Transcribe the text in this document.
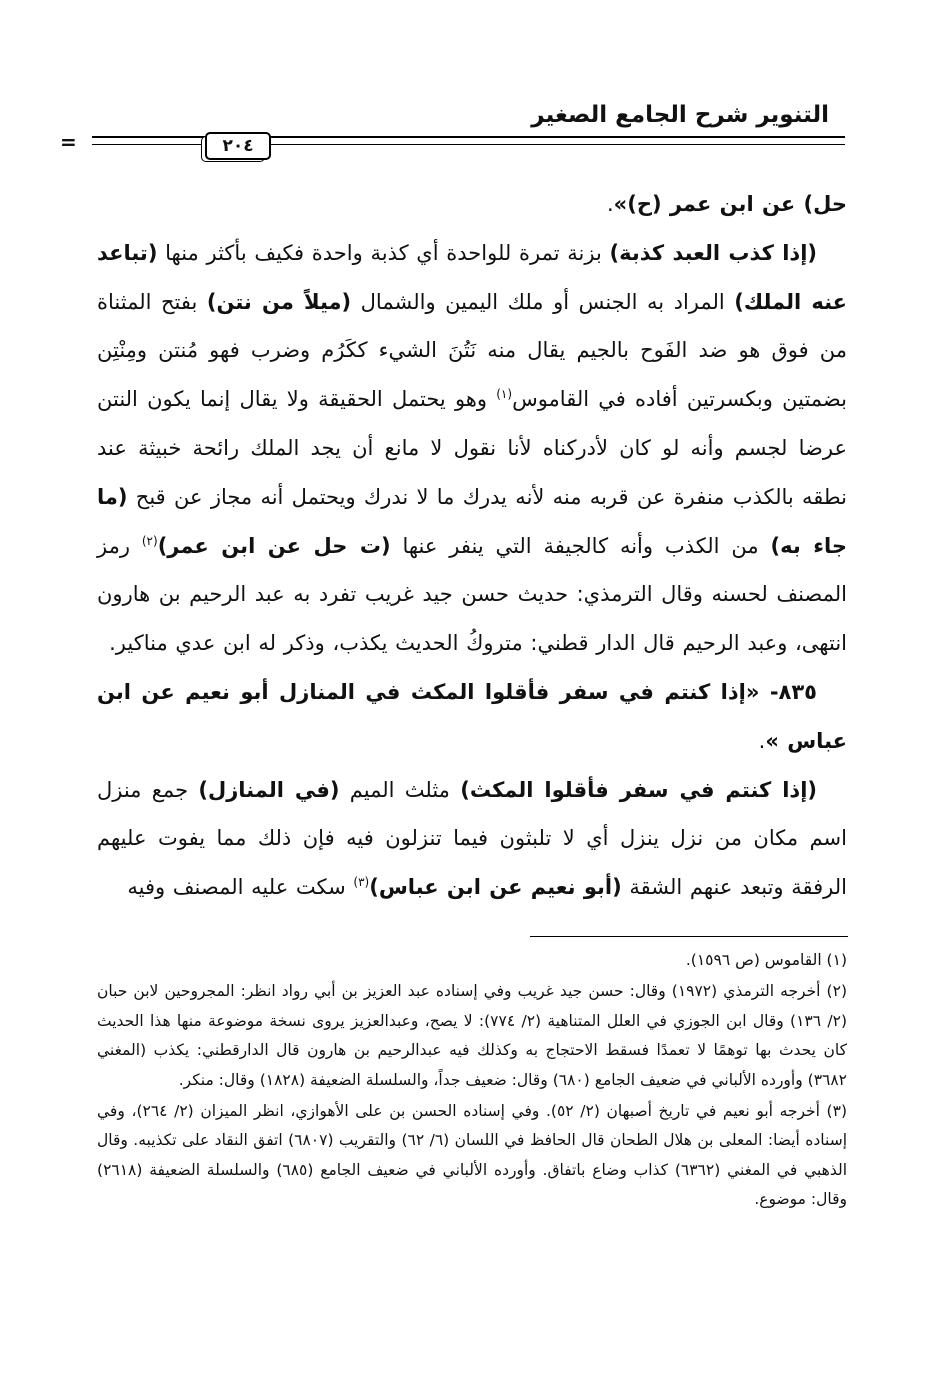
التنوير شرح الجامع الصغير
٢٠٤
=

حل) عن ابن عمر (ح)».

(إذا كذب العبد كذبة) بزنة تمرة للواحدة أي كذبة واحدة فكيف بأكثر منها (تباعد عنه الملك) المراد به الجنس أو ملك اليمين والشمال (ميلاً من نتن) بفتح المثناة من فوق هو ضد الفَوح بالجيم يقال منه نَتُنَ الشيء ككَرُم وضرب فهو مُنتن ومِنْتِن بضمتين وبكسرتين أفاده في القاموس$^{(١)}$ وهو يحتمل الحقيقة ولا يقال إنما يكون النتن عرضا لجسم وأنه لو كان لأدركناه لأنا نقول لا مانع أن يجد الملك رائحة خبيثة عند نطقه بالكذب منفرة عن قربه منه لأنه يدرك ما لا ندرك ويحتمل أنه مجاز عن قبح (ما جاء به) من الكذب وأنه كالجيفة التي ينفر عنها (ت حل عن ابن عمر)$^{(٢)}$ رمز المصنف لحسنه وقال الترمذي: حديث حسن جيد غريب تفرد به عبد الرحيم بن هارون انتهى، وعبد الرحيم قال الدار قطني: متروكُ الحديث يكذب، وذكر له ابن عدي مناكير.

٨٣٥- «إذا كنتم في سفر فأقلوا المكث في المنازل أبو نعيم عن ابن عباس ».

(إذا كنتم في سفر فأقلوا المكث) مثلث الميم (في المنازل) جمع منزل اسم مكان من نزل ينزل أي لا تلبثون فيما تنزلون فيه فإن ذلك مما يفوت عليهم الرفقة وتبعد عنهم الشقة (أبو نعيم عن ابن عباس)$^{(٣)}$ سكت عليه المصنف وفيه

(١) القاموس (ص ١٥٩٦).

(٢) أخرجه الترمذي (١٩٧٢) وقال: حسن جيد غريب وفي إسناده عبد العزيز بن أبي رواد انظر: المجروحين لابن حبان (٢/ ١٣٦) وقال ابن الجوزي في العلل المتناهية (٢/ ٧٧٤): لا يصح، وعبدالعزيز يروى نسخة موضوعة منها هذا الحديث كان يحدث بها توهمًا لا تعمدًا فسقط الاحتجاج به وكذلك فيه عبدالرحيم بن هارون قال الدارقطني: يكذب (المغني ٣٦٨٢) وأورده الألباني في ضعيف الجامع (٦٨٠) وقال: ضعيف جداً، والسلسلة الضعيفة (١٨٢٨) وقال: منكر.

(٣) أخرجه أبو نعيم في تاريخ أصبهان (٢/ ٥٢). وفي إسناده الحسن بن على الأهوازي، انظر الميزان (٢/ ٢٦٤)، وفي إسناده أيضا: المعلى بن هلال الطحان قال الحافظ في اللسان (٦/ ٦٢) والتقريب (٦٨٠٧) اتفق النقاد على تكذيبه. وقال الذهبي في المغني (٦٣٦٢) كذاب وضاع باتفاق. وأورده الألباني في ضعيف الجامع (٦٨٥) والسلسلة الضعيفة (٢٦١٨) وقال: موضوع.
